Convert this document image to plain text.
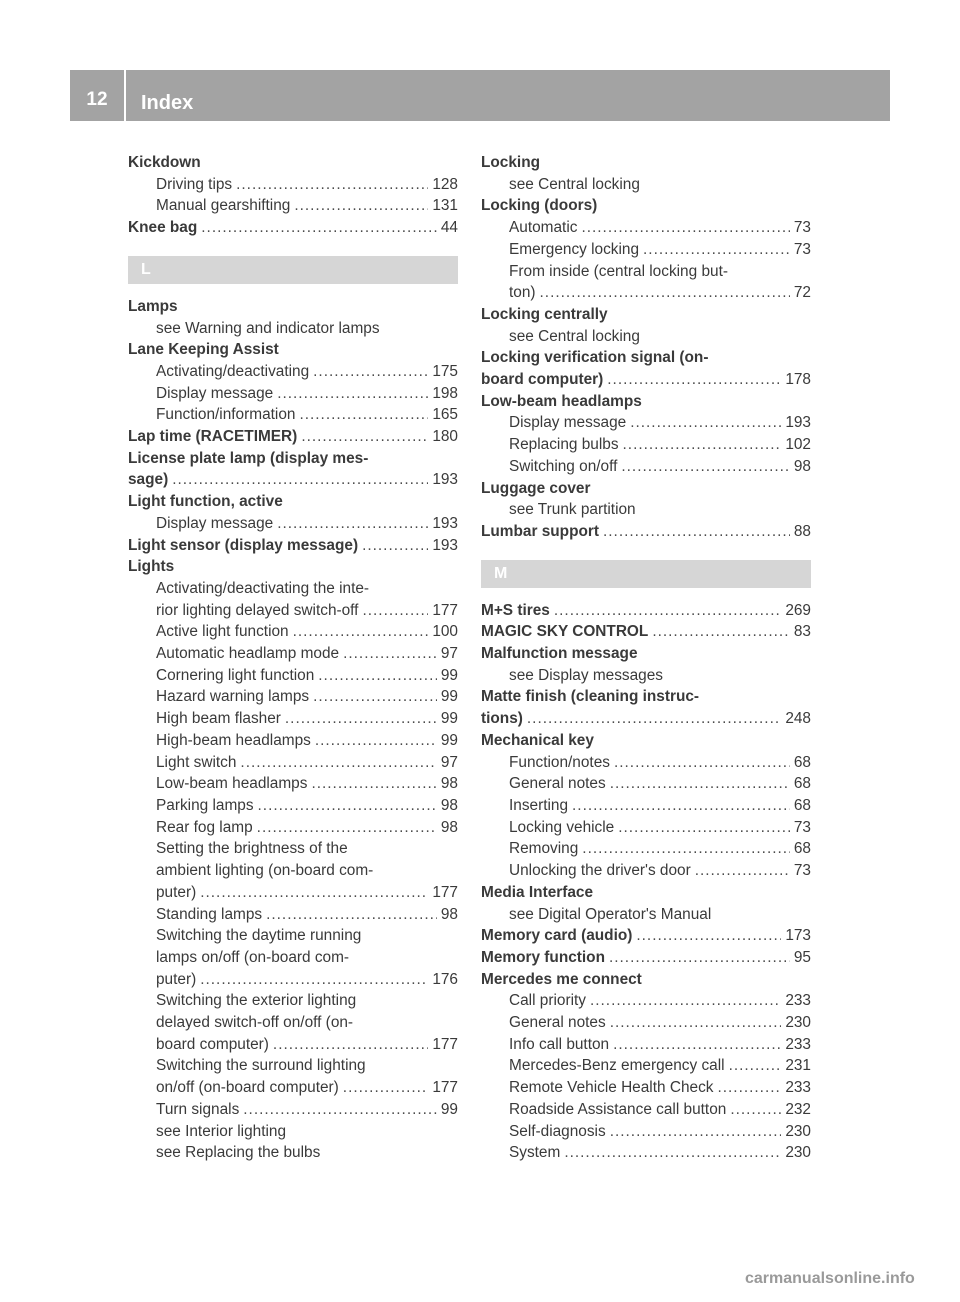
12	Index
Kickdown
Driving tips .....	128
Manual gearshifting .....	131
Knee bag .....	44
L
Lamps
see Warning and indicator lamps
Lane Keeping Assist
Activating/deactivating .....	175
Display message .....	198
Function/information .....	165
Lap time (RACETIMER) .....	180
License plate lamp (display mes-
sage) .....	193
Light function, active
Display message .....	193
Light sensor (display message) .....	193
Lights
Activating/deactivating the inte-
rior lighting delayed switch-off .....	177
Active light function .....	100
Automatic headlamp mode .....	97
Cornering light function .....	99
Hazard warning lamps .....	99
High beam flasher .....	99
High-beam headlamps .....	99
Light switch .....	97
Low-beam headlamps .....	98
Parking lamps .....	98
Rear fog lamp .....	98
Setting the brightness of the
ambient lighting (on-board com-
puter) .....	177
Standing lamps .....	98
Switching the daytime running
lamps on/off (on-board com-
puter) .....	176
Switching the exterior lighting
delayed switch-off on/off (on-
board computer) .....	177
Switching the surround lighting
on/off (on-board computer) .....	177
Turn signals .....	99
see Interior lighting
see Replacing the bulbs
Locking
see Central locking
Locking (doors)
Automatic .....	73
Emergency locking .....	73
From inside (central locking but-
ton) .....	72
Locking centrally
see Central locking
Locking verification signal (on-
board computer) .....	178
Low-beam headlamps
Display message .....	193
Replacing bulbs .....	102
Switching on/off .....	98
Luggage cover
see Trunk partition
Lumbar support .....	88
M
M+S tires .....	269
MAGIC SKY CONTROL .....	83
Malfunction message
see Display messages
Matte finish (cleaning instruc-
tions) .....	248
Mechanical key
Function/notes .....	68
General notes .....	68
Inserting .....	68
Locking vehicle .....	73
Removing .....	68
Unlocking the driver's door .....	73
Media Interface
see Digital Operator's Manual
Memory card (audio) .....	173
Memory function .....	95
Mercedes me connect
Call priority .....	233
General notes .....	230
Info call button .....	233
Mercedes-Benz emergency call .....	231
Remote Vehicle Health Check .....	233
Roadside Assistance call button .....	232
Self-diagnosis .....	230
System .....	230
carmanualsonline.info
